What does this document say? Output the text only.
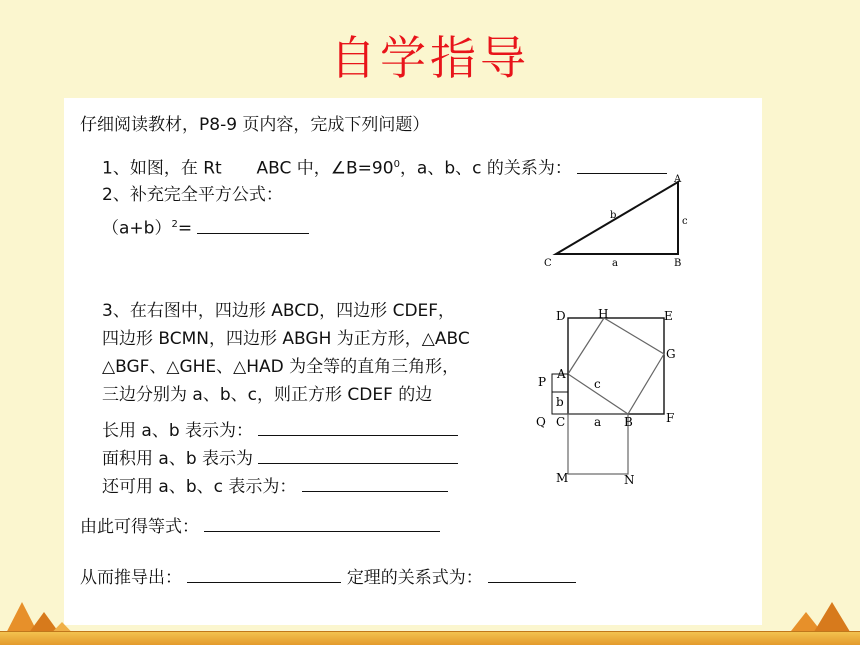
自学指导
仔细阅读教材，P8-9 页内容，完成下列问题）
1、如图，在 Rt ABC 中，$\angle B=90^0$，a、b、c 的关系为：
2、补充完全平方公式：
$(a+b)^2=$
A
B
C	a
b
c
3、在右图中，四边形 ABCD，四边形 CDEF，
四边形 BCMN，四边形 ABGH 为正方形，△ABC
△BGF、△GHE、△HAD 为全等的直角三角形，
三边分别为 a、b、c，则正方形 CDEF 的边
长用 a、b 表示为：
面积用 a、b 表示为
还可用 a、b、c 表示为：
D	H	E
G
A
P
b
c
Q C a B	F
M	N
由此可得等式：
从而推导出：	定理的关系式为：
